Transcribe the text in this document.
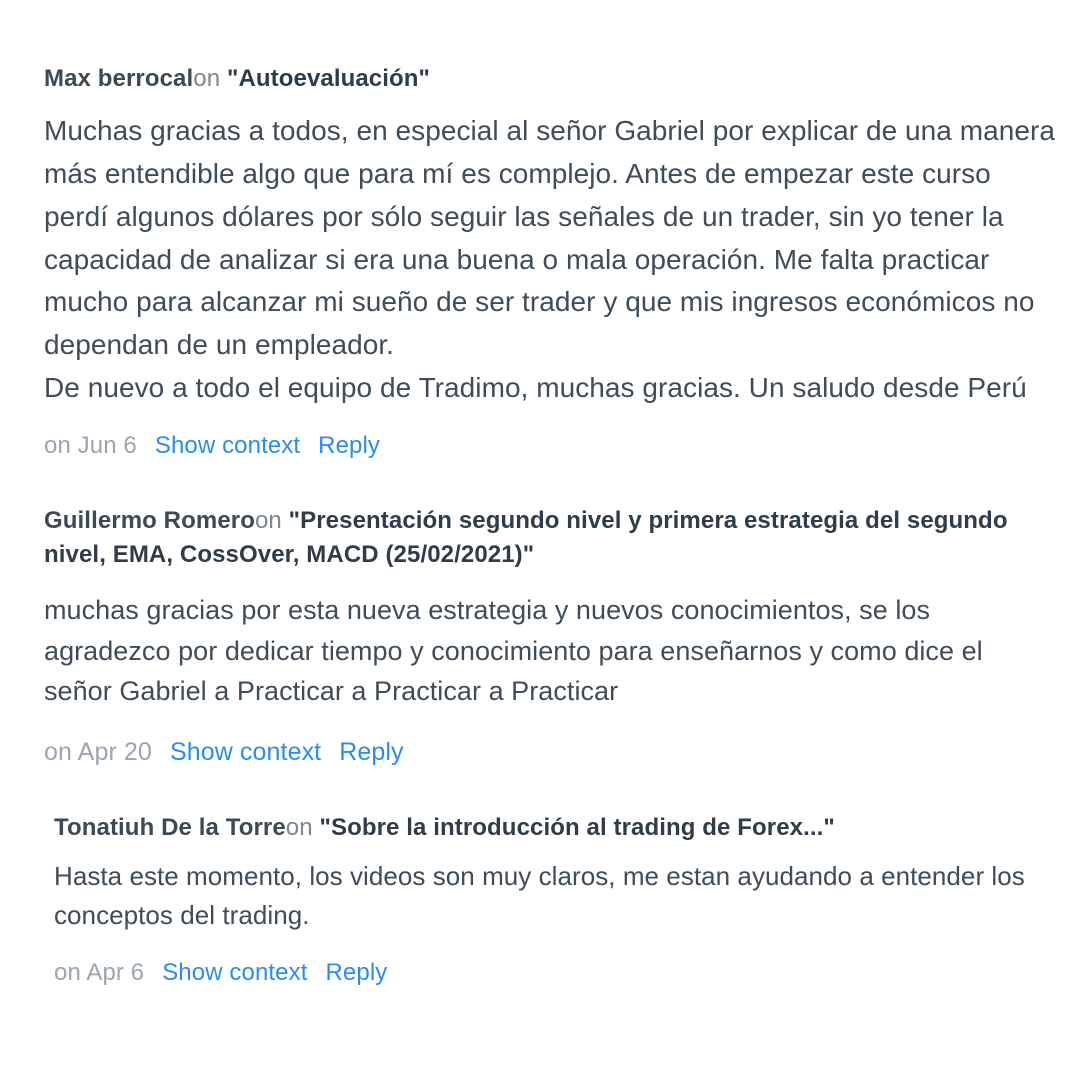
Max berrocalon "Autoevaluación"

Muchas gracias a todos, en especial al señor Gabriel por explicar de una manera más entendible algo que para mí es complejo. Antes de empezar este curso perdí algunos dólares por sólo seguir las señales de un trader, sin yo tener la capacidad de analizar si era una buena o mala operación. Me falta practicar mucho para alcanzar mi sueño de ser trader y que mis ingresos económicos no dependan de un empleador.

De nuevo a todo el equipo de Tradimo, muchas gracias. Un saludo desde Perú

on Jun 6 Show context Reply
Guillermo Romeroon "Presentación segundo nivel y primera estrategia del segundo nivel, EMA, CossOver, MACD (25/02/2021)"

muchas gracias por esta nueva estrategia y nuevos conocimientos, se los agradezco por dedicar tiempo y conocimiento para enseñarnos y como dice el señor Gabriel a Practicar a Practicar a Practicar

on Apr 20 Show context Reply
Tonatiuh De la Torreon "Sobre la introducción al trading de Forex..."

Hasta este momento, los videos son muy claros, me estan ayudando a entender los conceptos del trading.

on Apr 6 Show context Reply
